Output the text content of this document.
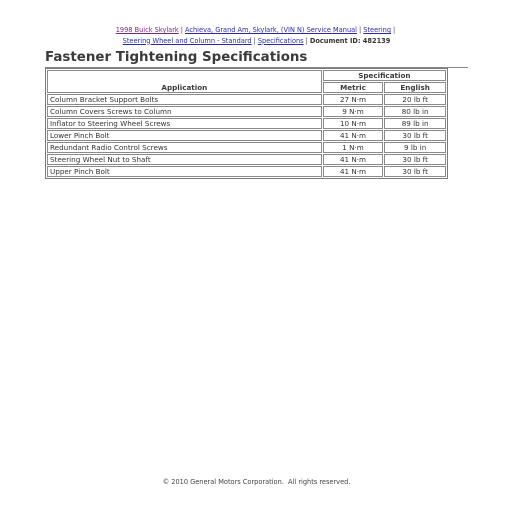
1998 Buick Skylark | Achieva, Grand Am, Skylark, (VIN N) Service Manual | Steering |
Steering Wheel and Column - Standard | Specifications | Document ID: 482139
Fastener Tightening Specifications
Application	Specification	
	Metric	English
Column Bracket Support Bolts	27 N·m	20 lb ft
Column Covers Screws to Column	9 N·m	80 lb in
Inflator to Steering Wheel Screws	10 N·m	89 lb in
Lower Pinch Bolt	41 N·m	30 lb ft
Redundant Radio Control Screws	1 N·m	9 lb in
Steering Wheel Nut to Shaft	41 N·m	30 lb ft
Upper Pinch Bolt	41 N·m	30 lb ft
© 2010 General Motors Corporation.  All rights reserved.
